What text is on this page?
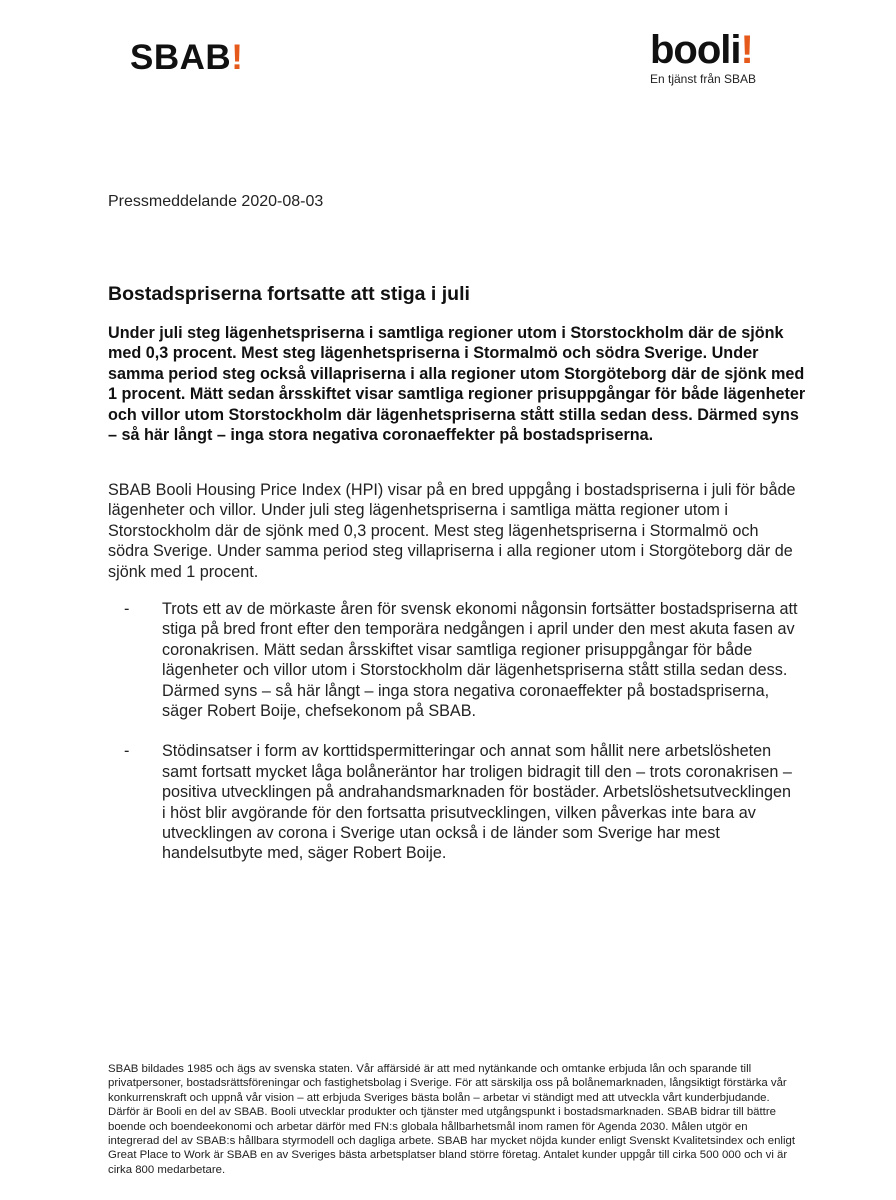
SBAB!	booli!
En tjänst från SBAB
Pressmeddelande 2020-08-03
Bostadspriserna fortsatte att stiga i juli

Under juli steg lägenhetspriserna i samtliga regioner utom i Storstockholm där de sjönk med 0,3 procent. Mest steg lägenhetspriserna i Stormalmö och södra Sverige. Under samma period steg också villapriserna i alla regioner utom Storgöteborg där de sjönk med 1 procent. Mätt sedan årsskiftet visar samtliga regioner prisuppgångar för både lägenheter och villor utom Storstockholm där lägenhetspriserna stått stilla sedan dess. Därmed syns – så här långt – inga stora negativa coronaeffekter på bostadspriserna.

SBAB Booli Housing Price Index (HPI) visar på en bred uppgång i bostadspriserna i juli för både lägenheter och villor. Under juli steg lägenhetspriserna i samtliga mätta regioner utom i Storstockholm där de sjönk med 0,3 procent. Mest steg lägenhetspriserna i Stormalmö och södra Sverige. Under samma period steg villapriserna i alla regioner utom i Storgöteborg där de sjönk med 1 procent.

- Trots ett av de mörkaste åren för svensk ekonomi någonsin fortsätter bostadspriserna att stiga på bred front efter den temporära nedgången i april under den mest akuta fasen av coronakrisen. Mätt sedan årsskiftet visar samtliga regioner prisuppgångar för både lägenheter och villor utom i Storstockholm där lägenhetspriserna stått stilla sedan dess. Därmed syns – så här långt – inga stora negativa coronaeffekter på bostadspriserna, säger Robert Boije, chefsekonom på SBAB.
- Stödinsatser i form av korttidspermitteringar och annat som hållit nere arbetslösheten samt fortsatt mycket låga bolåneräntor har troligen bidragit till den – trots coronakrisen – positiva utvecklingen på andrahandsmarknaden för bostäder. Arbetslöshetsutvecklingen i höst blir avgörande för den fortsatta prisutvecklingen, vilken påverkas inte bara av utvecklingen av corona i Sverige utan också i de länder som Sverige har mest handelsutbyte med, säger Robert Boije.

SBAB bildades 1985 och ägs av svenska staten. Vår affärsidé är att med nytänkande och omtanke erbjuda lån och sparande till privatpersoner, bostadsrättsföreningar och fastighetsbolag i Sverige. För att särskilja oss på bolånemarknaden, långsiktigt förstärka vår konkurrenskraft och uppnå vår vision – att erbjuda Sveriges bästa bolån – arbetar vi ständigt med att utveckla vårt kunderbjudande. Därför är Booli en del av SBAB. Booli utvecklar produkter och tjänster med utgångspunkt i bostadsmarknaden. SBAB bidrar till bättre boende och boendeekonomi och arbetar därför med FN:s globala hållbarhetsmål inom ramen för Agenda 2030. Målen utgör en integrerad del av SBAB:s hållbara styrmodell och dagliga arbete. SBAB har mycket nöjda kunder enligt Svenskt Kvalitetsindex och enligt Great Place to Work är SBAB en av Sveriges bästa arbetsplatser bland större företag. Antalet kunder uppgår till cirka 500 000 och vi är cirka 800 medarbetare.
